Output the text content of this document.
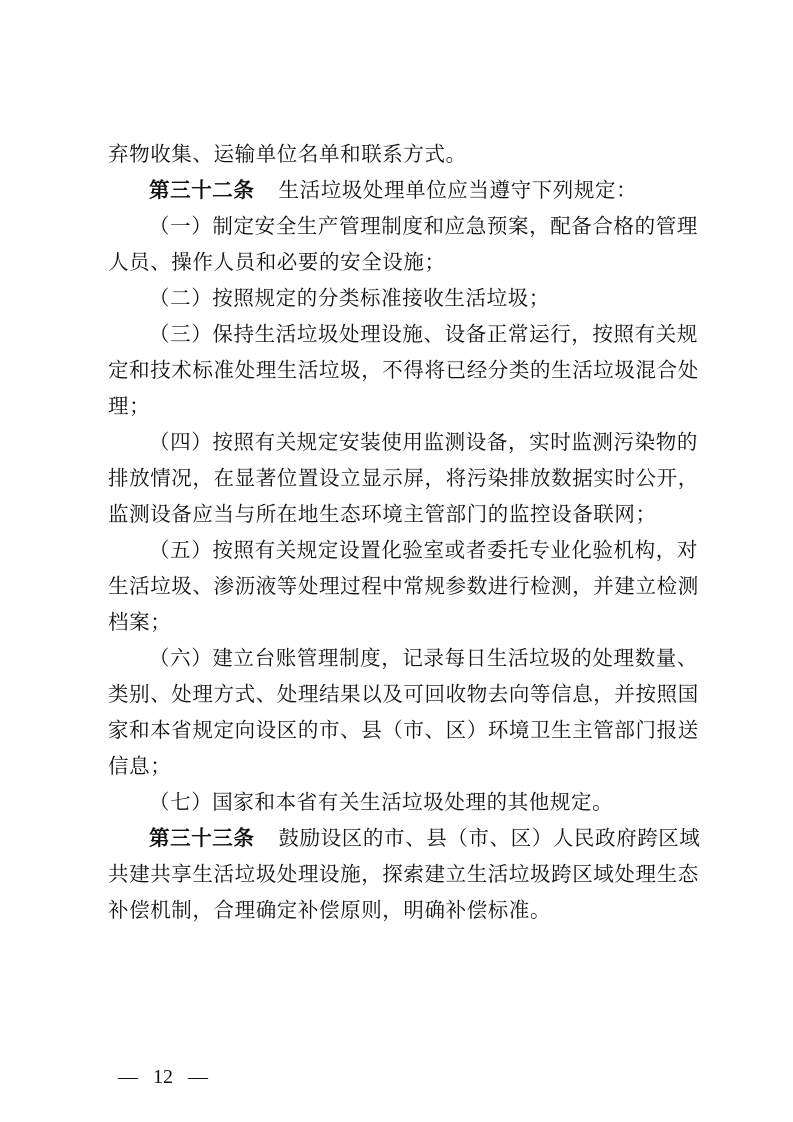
弃物收集、运输单位名单和联系方式。

第三十二条 生活垃圾处理单位应当遵守下列规定：

（一）制定安全生产管理制度和应急预案，配备合格的管理

人员、操作人员和必要的安全设施；

（二）按照规定的分类标准接收生活垃圾；

（三）保持生活垃圾处理设施、设备正常运行，按照有关规

定和技术标准处理生活垃圾，不得将已经分类的生活垃圾混合处

理；

（四）按照有关规定安装使用监测设备，实时监测污染物的

排放情况，在显著位置设立显示屏，将污染排放数据实时公开，

监测设备应当与所在地生态环境主管部门的监控设备联网；

（五）按照有关规定设置化验室或者委托专业化验机构，对

生活垃圾、渗沥液等处理过程中常规参数进行检测，并建立检测

档案；

（六）建立台账管理制度，记录每日生活垃圾的处理数量、

类别、处理方式、处理结果以及可回收物去向等信息，并按照国

家和本省规定向设区的市、县（市、区）环境卫生主管部门报送

信息；

（七）国家和本省有关生活垃圾处理的其他规定。

第三十三条 鼓励设区的市、县（市、区）人民政府跨区域

共建共享生活垃圾处理设施，探索建立生活垃圾跨区域处理生态

补偿机制，合理确定补偿原则，明确补偿标准。

— 12 —
